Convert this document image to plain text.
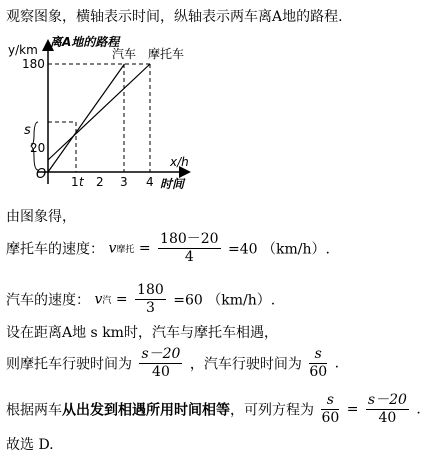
观察图象，横轴表示时间，纵轴表示两车离A地的路程.
y/km
离A地的路程
x/h
时间
O
180
s
20
1 t 2 3 4
汽车 摩托车
由图象得，
摩托车的速度： v摩托 = $\frac{180-20}{4} =40$ （km/h）.
汽车的速度： v汽 = $\frac{180}{3} =60$ （km/h）.
设在距离A地 s km时，汽车与摩托车相遇，
则摩托车行驶时间为 $\frac{s-20}{40}$ ，汽车行驶时间为 $\frac{s}{60}$ .
根据两车从出发到相遇所用时间相等，可列方程为 $\frac{s}{60} = \frac{s-20}{40}$ .
故选 D.
